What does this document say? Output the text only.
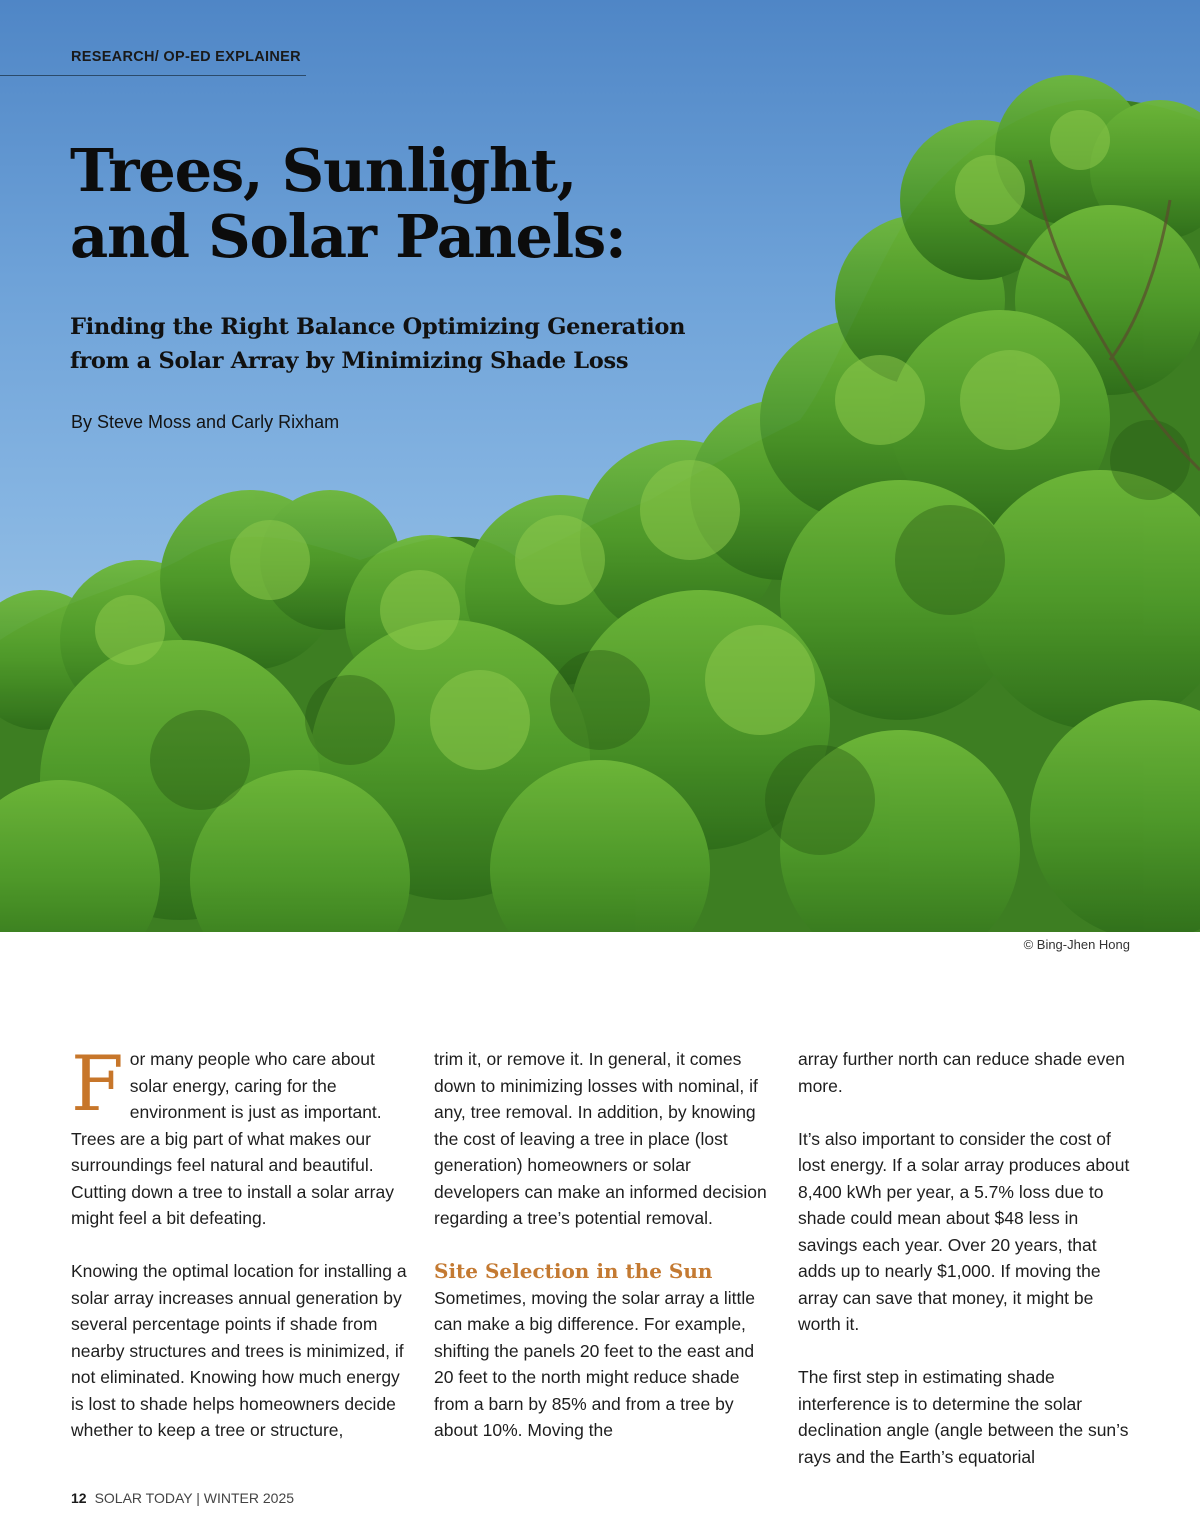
RESEARCH/ OP-ED EXPLAINER
Trees, Sunlight,
and Solar Panels:
Finding the Right Balance Optimizing Generation
from a Solar Array by Minimizing Shade Loss
By Steve Moss and Carly Rixham
© Bing-Jhen Hong

For many people who care about solar energy, caring for the environment is just as important. Trees are a big part of what makes our surroundings feel natural and beautiful. Cutting down a tree to install a solar array might feel a bit defeating.

Knowing the optimal location for installing a solar array increases annual generation by several percentage points if shade from nearby structures and trees is minimized, if not eliminated. Knowing how much energy is lost to shade helps homeowners decide whether to keep a tree or structure,

trim it, or remove it. In general, it comes down to minimizing losses with nominal, if any, tree removal. In addition, by knowing the cost of leaving a tree in place (lost generation) homeowners or solar developers can make an informed decision regarding a tree’s potential removal.

Site Selection in the Sun

Sometimes, moving the solar array a little can make a big difference. For example, shifting the panels 20 feet to the east and 20 feet to the north might reduce shade from a barn by 85% and from a tree by about 10%. Moving the

array further north can reduce shade even more.

It’s also important to consider the cost of lost energy. If a solar array produces about 8,400 kWh per year, a 5.7% loss due to shade could mean about $48 less in savings each year. Over 20 years, that adds up to nearly $1,000. If moving the array can save that money, it might be worth it.

The first step in estimating shade interference is to determine the solar declination angle (angle between the sun’s rays and the Earth’s equatorial

12 SOLAR TODAY | WINTER 2025
